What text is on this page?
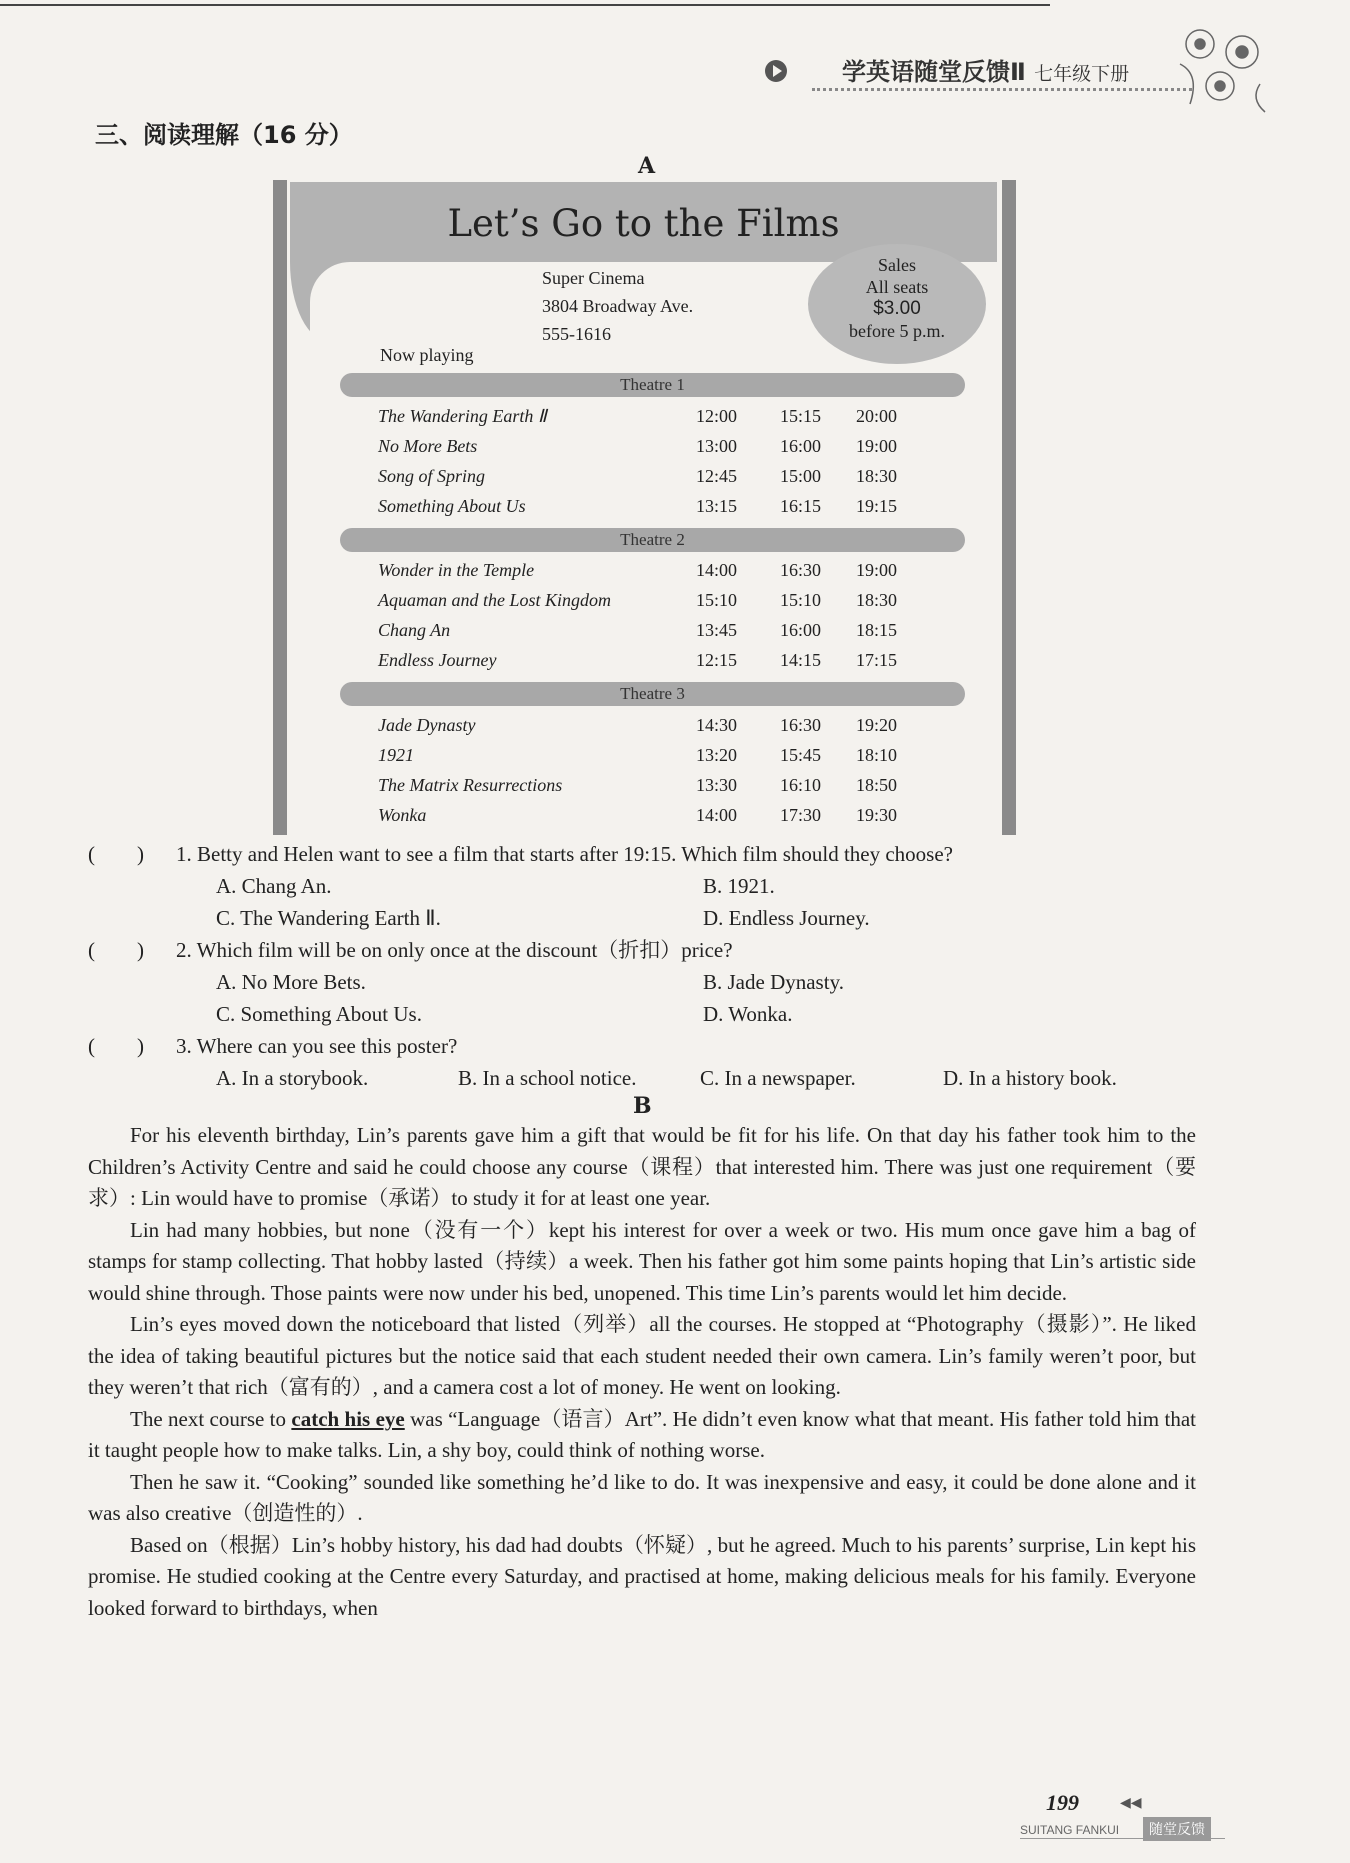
学英语随堂反馈Ⅱ 七年级下册
三、阅读理解（16 分）
A
Let’s Go to the Films
Super Cinema
3804 Broadway Ave.
555-1616
Sales
All seats
$3.00
before 5 p.m.
Now playing
Theatre 1
The Wandering Earth Ⅱ	12:00 15:15 20:00
No More Bets	13:00 16:00 19:00
Song of Spring	12:45 15:00 18:30
Something About Us	13:15 16:15 19:15
Theatre 2
Wonder in the Temple	14:00 16:30 19:00
Aquaman and the Lost Kingdom	15:10 15:10 18:30
Chang An	13:45 16:00 18:15
Endless Journey	12:15 14:15 17:15
Theatre 3
Jade Dynasty	14:30 16:30 19:20
1921	13:20 15:45 18:10
The Matrix Resurrections	13:30 16:10 18:50
Wonka	14:00 17:30 19:30
(　　) 1. Betty and Helen want to see a film that starts after 19:15. Which film should they choose?
A. Chang An.	B. 1921.
C. The Wandering Earth Ⅱ.	D. Endless Journey.
(　　) 2. Which film will be on only once at the discount（折扣）price?
A. No More Bets.	B. Jade Dynasty.
C. Something About Us.	D. Wonka.
(　　) 3. Where can you see this poster?
A. In a storybook.	B. In a school notice.	C. In a newspaper.	D. In a history book.
B

For his eleventh birthday, Lin’s parents gave him a gift that would be fit for his life. On that day his father took him to the Children’s Activity Centre and said he could choose any course（课程）that interested him. There was just one requirement（要求）: Lin would have to promise（承诺）to study it for at least one year.

Lin had many hobbies, but none（没有一个）kept his interest for over a week or two. His mum once gave him a bag of stamps for stamp collecting. That hobby lasted（持续）a week. Then his father got him some paints hoping that Lin’s artistic side would shine through. Those paints were now under his bed, unopened. This time Lin’s parents would let him decide.

Lin’s eyes moved down the noticeboard that listed（列举）all the courses. He stopped at “Photography（摄影）”. He liked the idea of taking beautiful pictures but the notice said that each student needed their own camera. Lin’s family weren’t poor, but they weren’t that rich（富有的）, and a camera cost a lot of money. He went on looking.

The next course to catch his eye was “Language（语言）Art”. He didn’t even know what that meant. His father told him that it taught people how to make talks. Lin, a shy boy, could think of nothing worse.

Then he saw it. “Cooking” sounded like something he’d like to do. It was inexpensive and easy, it could be done alone and it was also creative（创造性的）.

Based on（根据）Lin’s hobby history, his dad had doubts（怀疑）, but he agreed. Much to his parents’ surprise, Lin kept his promise. He studied cooking at the Centre every Saturday, and practised at home, making delicious meals for his family. Everyone looked forward to birthdays, when

199	◀◀
SUITANG FANKUI	随堂反馈
